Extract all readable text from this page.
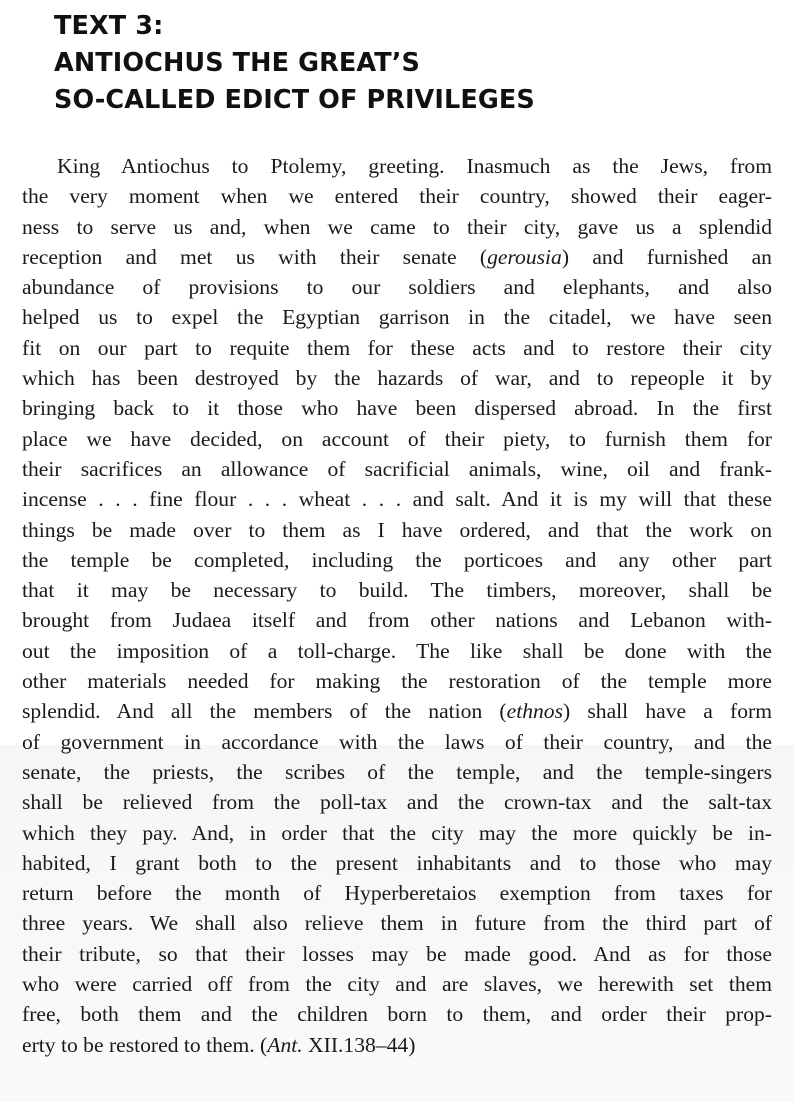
TEXT 3:
ANTIOCHUS THE GREAT’S
SO-CALLED EDICT OF PRIVILEGES
King Antiochus to Ptolemy, greeting. Inasmuch as the Jews, from
the very moment when we entered their country, showed their eager-
ness to serve us and, when we came to their city, gave us a splendid
reception and met us with their senate (gerousia) and furnished an
abundance of provisions to our soldiers and elephants, and also
helped us to expel the Egyptian garrison in the citadel, we have seen
fit on our part to requite them for these acts and to restore their city
which has been destroyed by the hazards of war, and to repeople it by
bringing back to it those who have been dispersed abroad. In the first
place we have decided, on account of their piety, to furnish them for
their sacrifices an allowance of sacrificial animals, wine, oil and frank-
incense . . . fine flour . . . wheat . . . and salt. And it is my will that these
things be made over to them as I have ordered, and that the work on
the temple be completed, including the porticoes and any other part
that it may be necessary to build. The timbers, moreover, shall be
brought from Judaea itself and from other nations and Lebanon with-
out the imposition of a toll-charge. The like shall be done with the
other materials needed for making the restoration of the temple more
splendid. And all the members of the nation (ethnos) shall have a form
of government in accordance with the laws of their country, and the
senate, the priests, the scribes of the temple, and the temple-singers
shall be relieved from the poll-tax and the crown-tax and the salt-tax
which they pay. And, in order that the city may the more quickly be in-
habited, I grant both to the present inhabitants and to those who may
return before the month of Hyperberetaios exemption from taxes for
three years. We shall also relieve them in future from the third part of
their tribute, so that their losses may be made good. And as for those
who were carried off from the city and are slaves, we herewith set them
free, both them and the children born to them, and order their prop-
erty to be restored to them. (Ant. XII.138–44)
